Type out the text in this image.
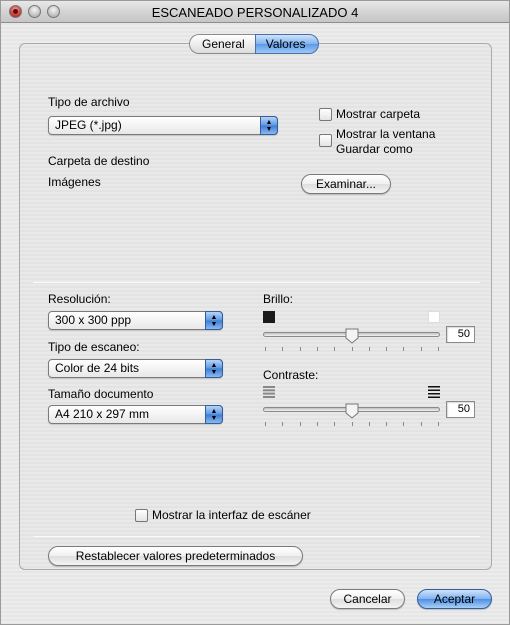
ESCANEADO PERSONALIZADO 4
General	Valores
Tipo de archivo
JPEG (*.jpg)	▲
▼
Mostrar carpeta
Mostrar la ventana
Guardar como
Carpeta de destino
Imágenes	Examinar...
Resolución:
300 x 300 ppp	▲
▼
Tipo de escaneo:
Color de 24 bits	▲
▼
Tamaño documento
A4 210 x 297 mm	▲
▼
Brillo:
50
Contraste:
50
Mostrar la interfaz de escáner
Restablecer valores predeterminados
Cancelar	Aceptar
